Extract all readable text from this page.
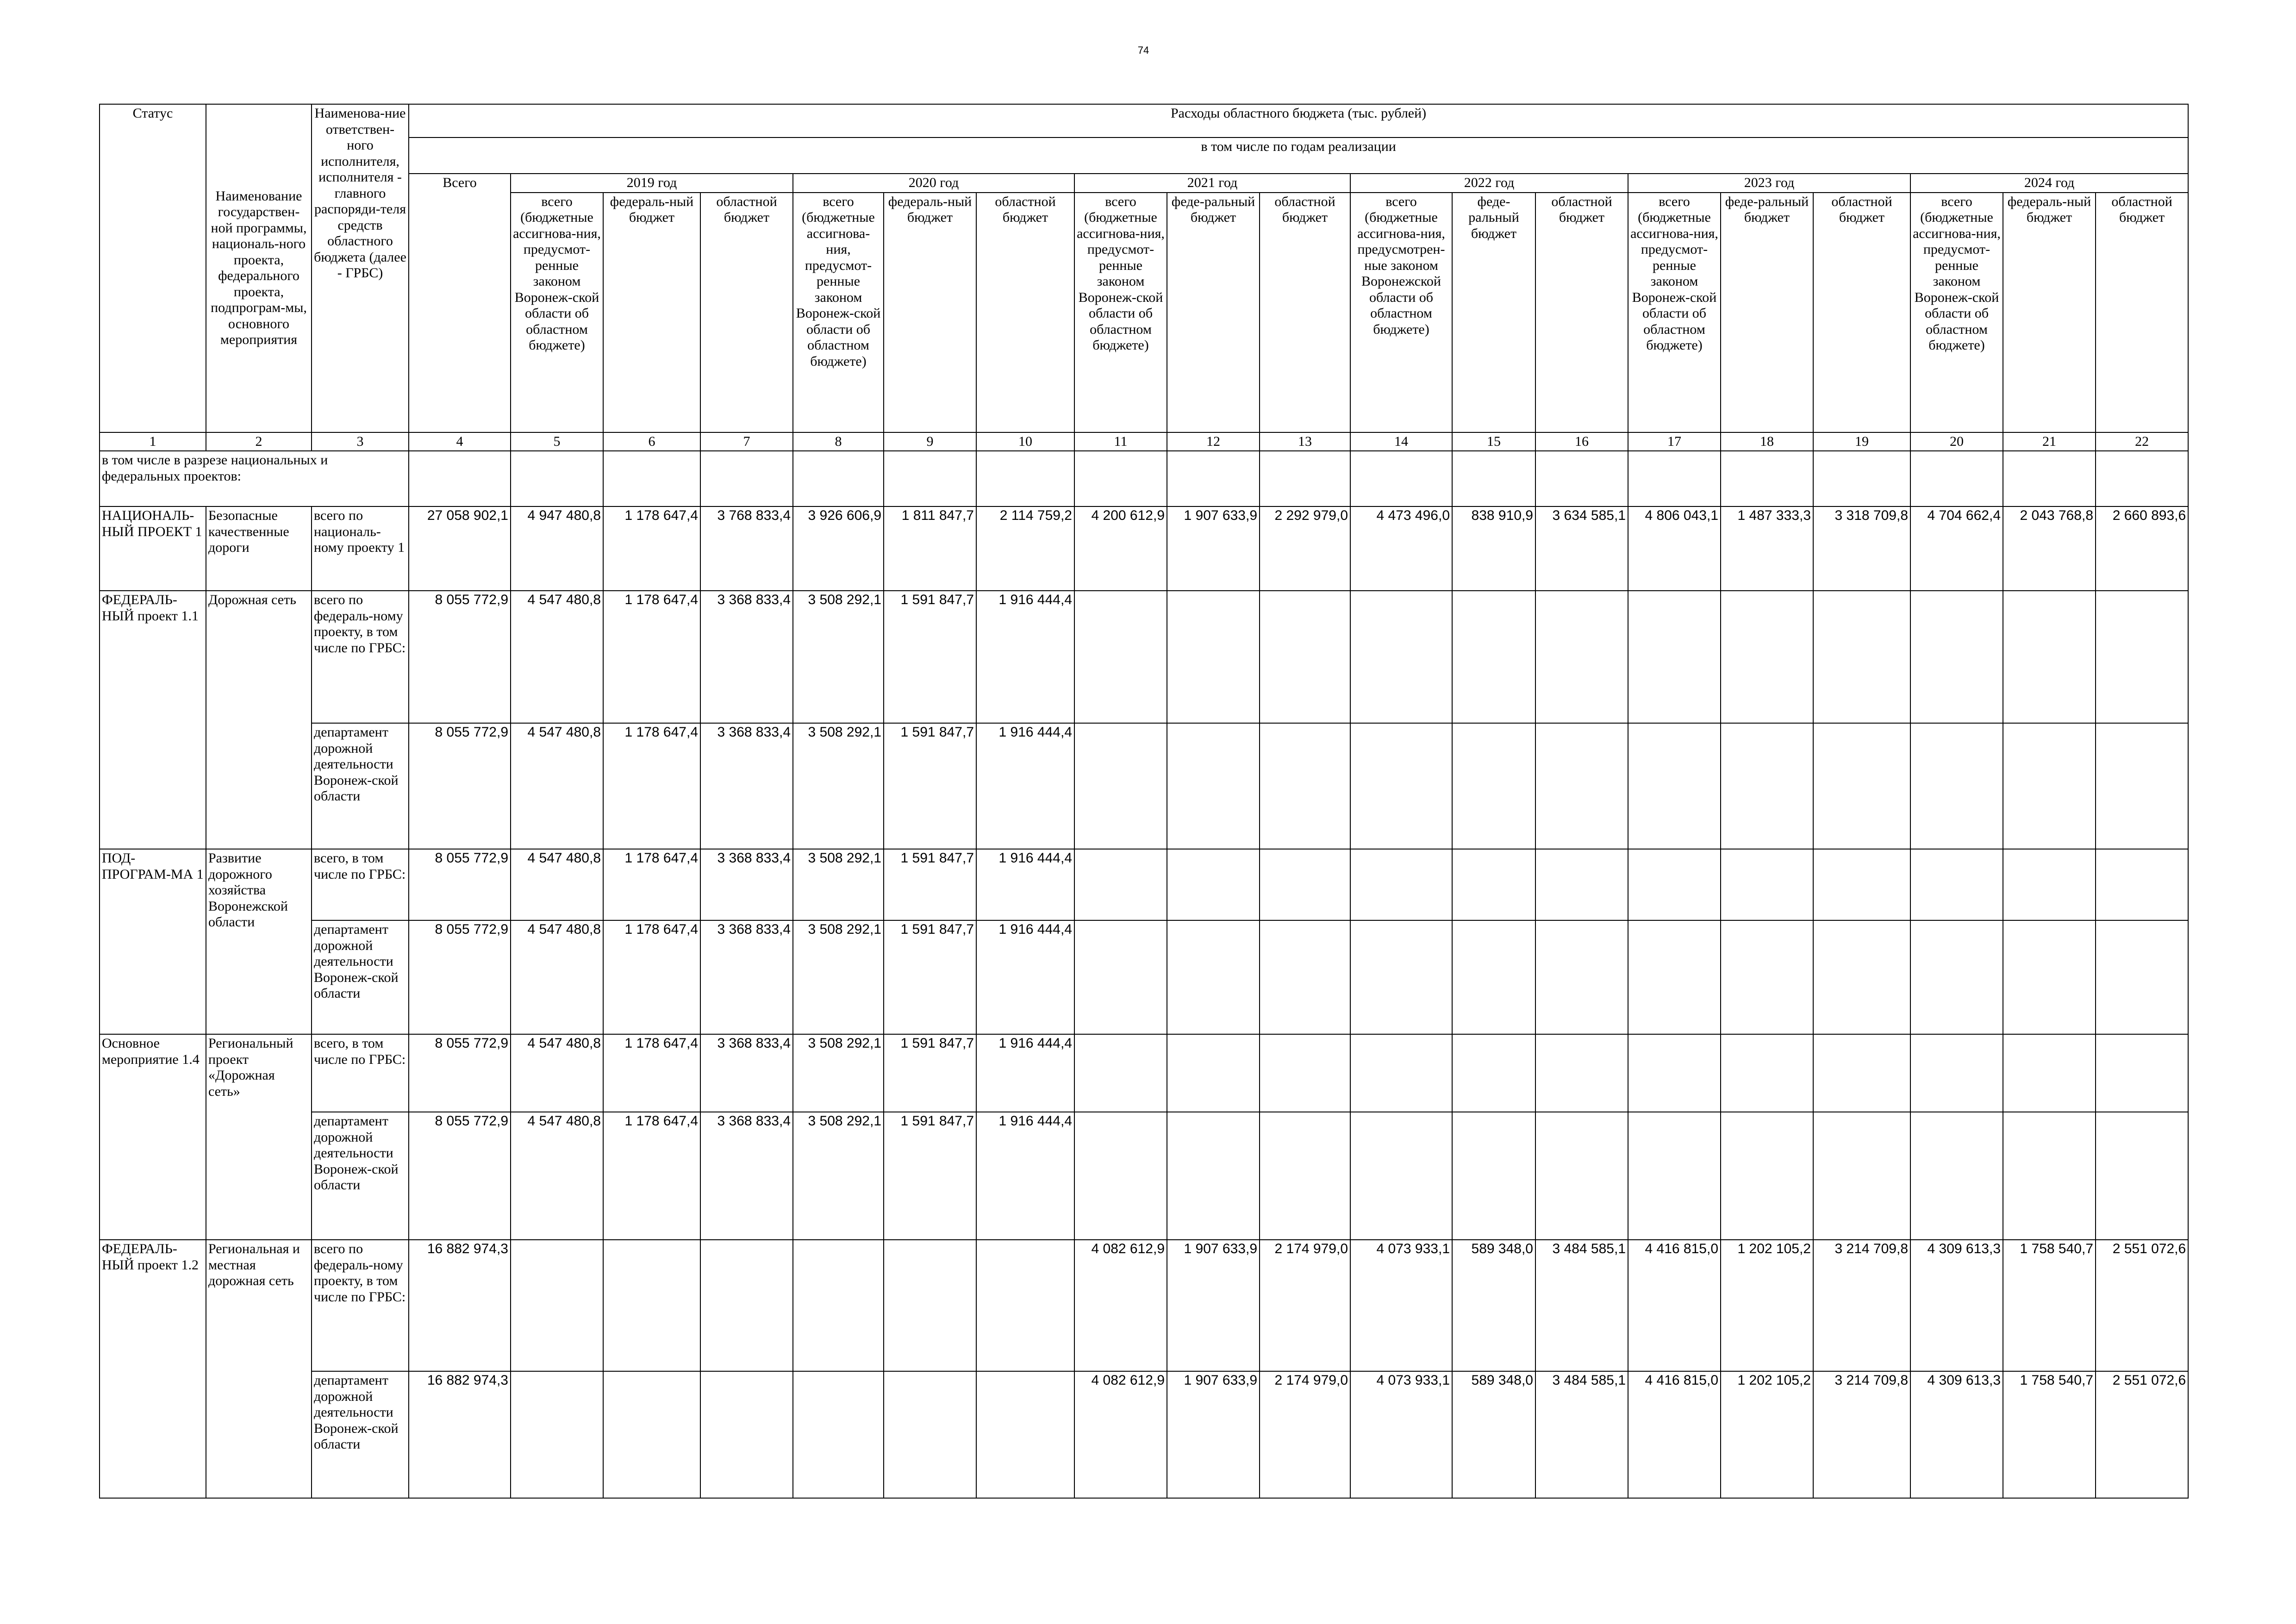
74
Статус	Наименование государствен-ной программы, националь-ного проекта, федерального проекта, подпрограм-мы, основного мероприятия	Наименова-ние ответствен-ного исполнителя, исполнителя - главного распоряди-теля средств областного бюджета (далее - ГРБС)	Расходы областного бюджета (тыс. рублей)																		
			в том числе по годам реализации																		
			Всего	2019 год			2020 год			2021 год			2022 год			2023 год			2024 год		
				всего (бюджетные ассигнова-ния, предусмот-ренные законом Воронеж-ской области об областном бюджете)	федераль-ный бюджет	областной бюджет	всего (бюджетные ассигнова-ния, предусмот-ренные законом Воронеж-ской области об областном бюджете)	федераль-ный бюджет	областной бюджет	всего (бюджетные ассигнова-ния, предусмот-ренные законом Воронеж-ской области об областном бюджете)	феде-ральный бюджет	областной бюджет	всего (бюджетные ассигнова-ния, предусмотрен-ные законом Воронежской области об областном бюджете)	феде-ральный бюджет	областной бюджет	всего (бюджетные ассигнова-ния, предусмот-ренные законом Воронеж-ской области об областном бюджете)	феде-ральный бюджет	областной бюджет	всего (бюджетные ассигнова-ния, предусмот-ренные законом Воронеж-ской области об областном бюджете)	федераль-ный бюджет	областной бюджет
1	2	3	4	5	6	7	8	9	10	11	12	13	14	15	16	17	18	19	20	21	22
в том числе в разрезе национальных и федеральных проектов:																					
НАЦИОНАЛЬ-НЫЙ ПРОЕКТ 1	Безопасные качественные дороги	всего по националь-ному проекту 1	27 058 902,1	4 947 480,8	1 178 647,4	3 768 833,4	3 926 606,9	1 811 847,7	2 114 759,2	4 200 612,9	1 907 633,9	2 292 979,0	4 473 496,0	838 910,9	3 634 585,1	4 806 043,1	1 487 333,3	3 318 709,8	4 704 662,4	2 043 768,8	2 660 893,6
ФЕДЕРАЛЬ-НЫЙ проект 1.1	Дорожная сеть	всего по федераль-ному проекту, в том числе по ГРБС:	8 055 772,9	4 547 480,8	1 178 647,4	3 368 833,4	3 508 292,1	1 591 847,7	1 916 444,4												
		департамент дорожной деятельности Воронеж-ской области	8 055 772,9	4 547 480,8	1 178 647,4	3 368 833,4	3 508 292,1	1 591 847,7	1 916 444,4												
ПОД-ПРОГРАМ-МА 1	Развитие дорожного хозяйства Воронежской области	всего, в том числе по ГРБС:	8 055 772,9	4 547 480,8	1 178 647,4	3 368 833,4	3 508 292,1	1 591 847,7	1 916 444,4												
		департамент дорожной деятельности Воронеж-ской области	8 055 772,9	4 547 480,8	1 178 647,4	3 368 833,4	3 508 292,1	1 591 847,7	1 916 444,4												
Основное мероприятие 1.4	Региональный проект «Дорожная сеть»	всего, в том числе по ГРБС:	8 055 772,9	4 547 480,8	1 178 647,4	3 368 833,4	3 508 292,1	1 591 847,7	1 916 444,4												
		департамент дорожной деятельности Воронеж-ской области	8 055 772,9	4 547 480,8	1 178 647,4	3 368 833,4	3 508 292,1	1 591 847,7	1 916 444,4												
ФЕДЕРАЛЬ-НЫЙ проект 1.2	Региональная и местная дорожная сеть	всего по федераль-ному проекту, в том числе по ГРБС:	16 882 974,3							4 082 612,9	1 907 633,9	2 174 979,0	4 073 933,1	589 348,0	3 484 585,1	4 416 815,0	1 202 105,2	3 214 709,8	4 309 613,3	1 758 540,7	2 551 072,6
		департамент дорожной деятельности Воронеж-ской области	16 882 974,3							4 082 612,9	1 907 633,9	2 174 979,0	4 073 933,1	589 348,0	3 484 585,1	4 416 815,0	1 202 105,2	3 214 709,8	4 309 613,3	1 758 540,7	2 551 072,6
